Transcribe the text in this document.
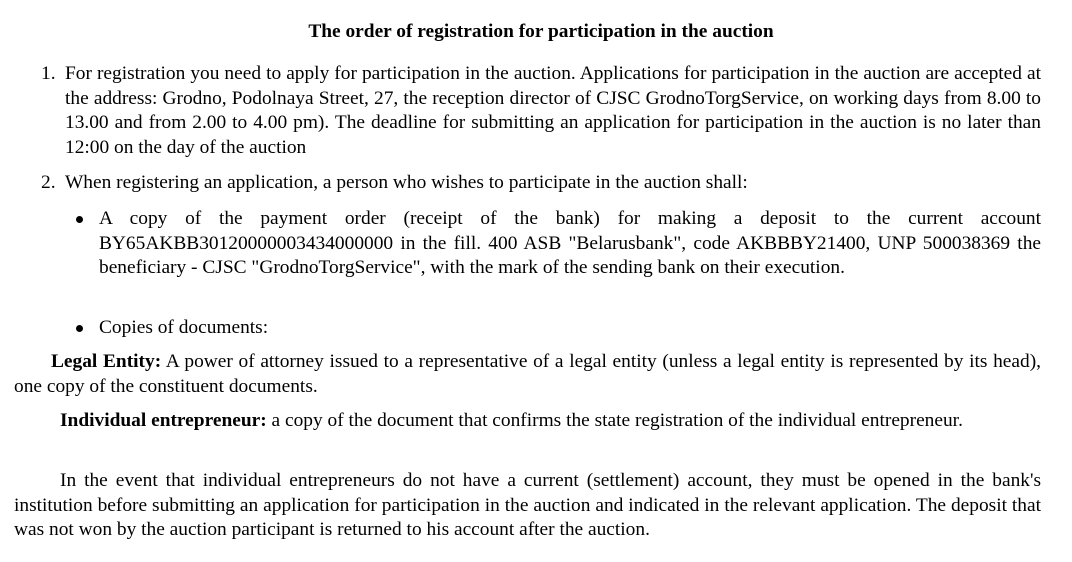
The order of registration for participation in the auction
1. For registration you need to apply for participation in the auction. Applications for participation in the auction are accepted at the address: Grodno, Podolnaya Street, 27, the reception director of CJSC GrodnoTorgService, on working days from 8.00 to 13.00 and from 2.00 to 4.00 pm). The deadline for submitting an application for participation in the auction is no later than 12:00 on the day of the auction
2. When registering an application, a person who wishes to participate in the auction shall:
A copy of the payment order (receipt of the bank) for making a deposit to the current account BY65AKBB30120000003434000000 in the fill. 400 ASB "Belarusbank", code AKBBBY21400, UNP 500038369 the beneficiary - CJSC "GrodnoTorgService", with the mark of the sending bank on their execution.
Copies of documents:
Legal Entity: A power of attorney issued to a representative of a legal entity (unless a legal entity is represented by its head), one copy of the constituent documents.
Individual entrepreneur: a copy of the document that confirms the state registration of the individual entrepreneur.
In the event that individual entrepreneurs do not have a current (settlement) account, they must be opened in the bank's institution before submitting an application for participation in the auction and indicated in the relevant application. The deposit that was not won by the auction participant is returned to his account after the auction.
